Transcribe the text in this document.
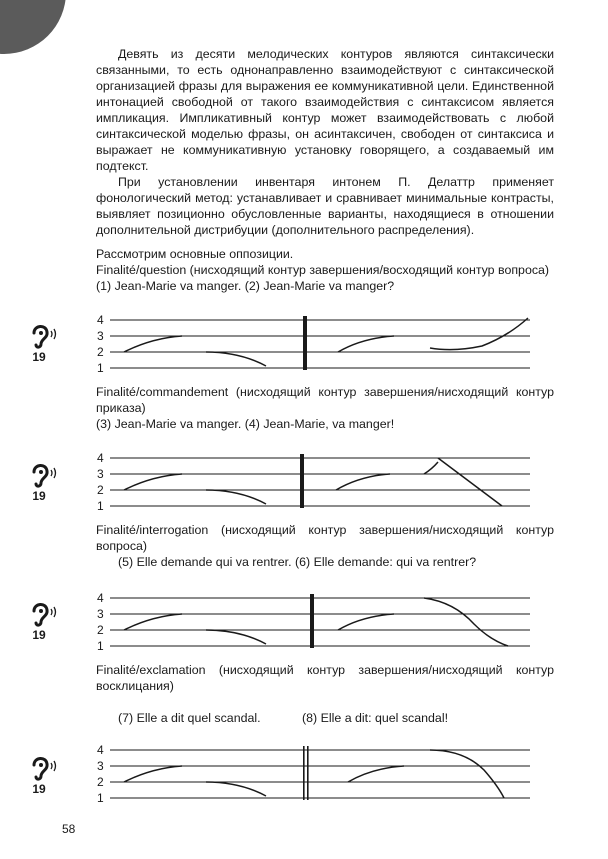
Девять из десяти мелодических контуров являются синтаксически связанными, то есть однонаправленно взаимодействуют с синтаксической организацией фразы для выражения ее коммуникативной цели. Единственной интонацией свободной от такого взаимодействия с синтаксисом является импликация. Импликативный контур может взаимодействовать с любой синтаксической моделью фразы, он асинтаксичен, свободен от синтаксиса и выражает не коммуникативную установку говорящего, а создаваемый им подтекст.

При установлении инвентаря интонем П. Делаттр применяет фонологический метод: устанавливает и сравнивает минимальные контрасты, выявляет позиционно обусловленные варианты, находящиеся в отношении дополнительной дистрибуции (дополнительного распределения).

Рассмотрим основные оппозиции.

Finalité/question (нисходящий контур завершения/восходящий контур вопроса)

(1) Jean-Marie va manger. (2) Jean-Marie va manger?

19
4
3
2
1

Finalité/commandement (нисходящий контур завершения/нисходящий контур приказа)

(3) Jean-Marie va manger. (4) Jean-Marie, va manger!

19
4
3
2
1

Finalité/interrogation (нисходящий контур завершения/нисходящий контур вопроса)

(5) Elle demande qui va rentrer. (6) Elle demande: qui va rentrer?

19
4
3
2
1

Finalité/exclamation (нисходящий контур завершения/нисходящий контур восклицания)

(7) Elle a dit quel scandal.	(8) Elle a dit: quel scandal!

19
4
3
2
1
58
